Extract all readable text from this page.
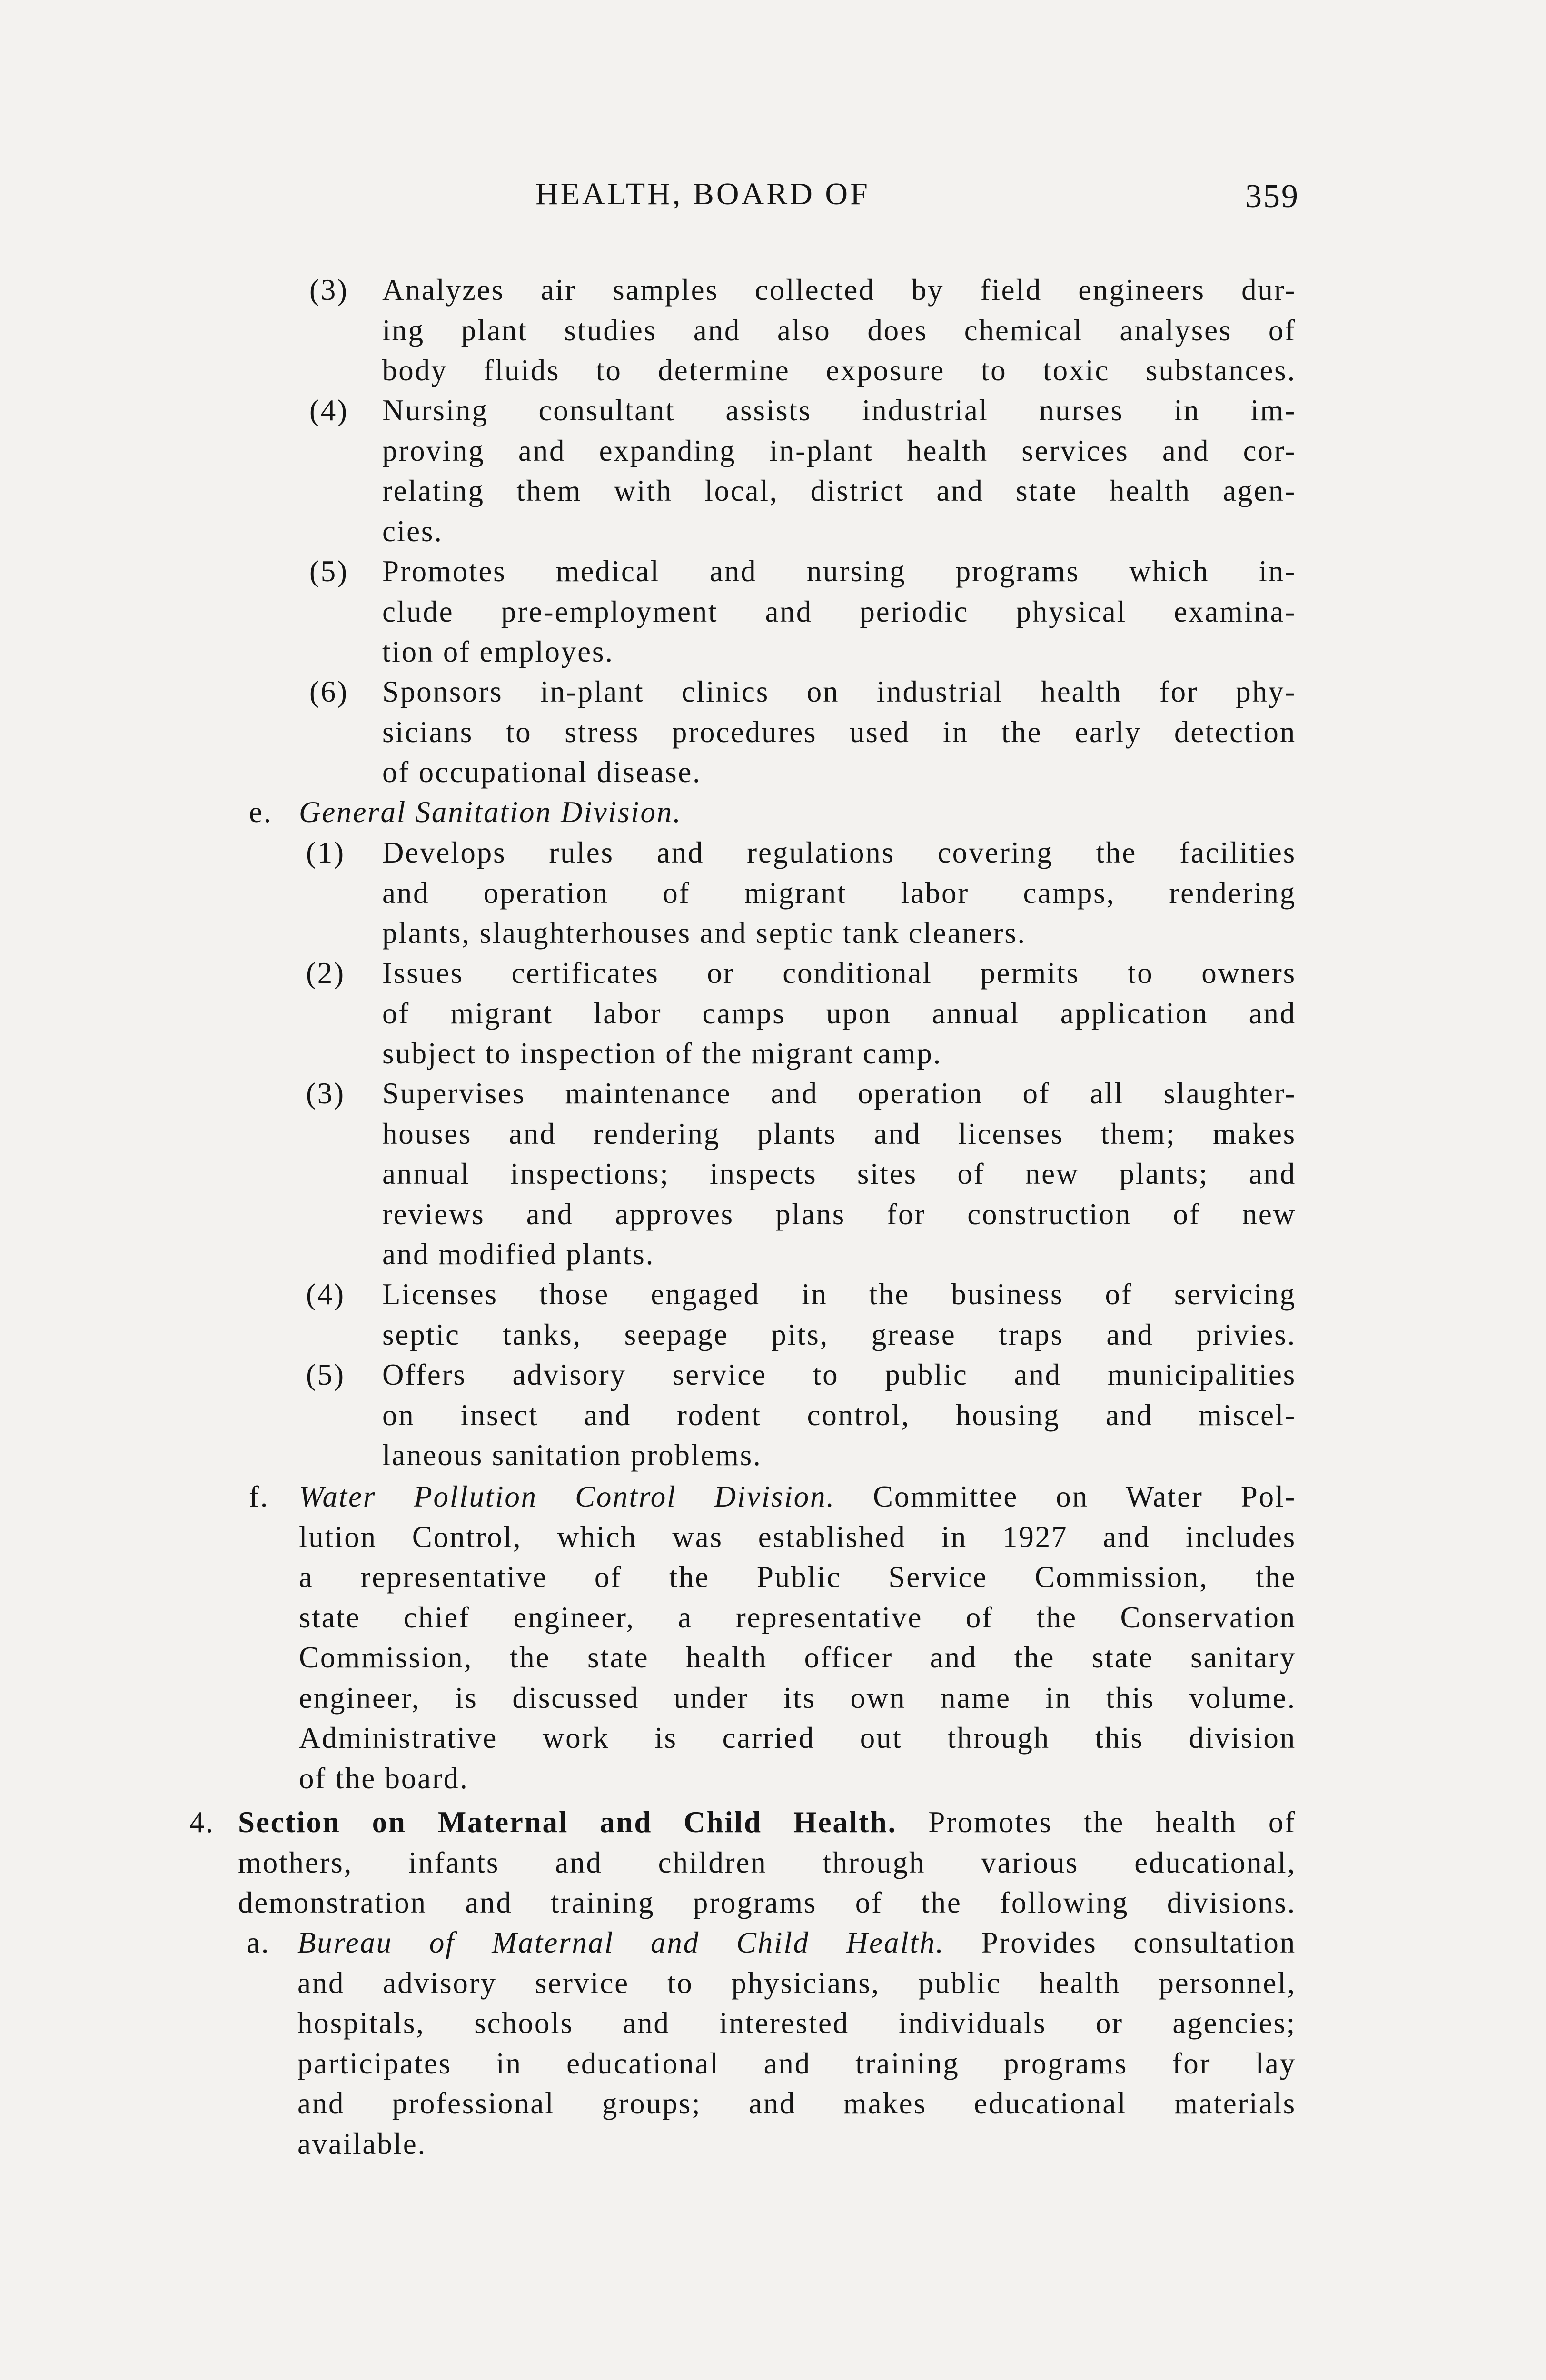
HEALTH, BOARD OF	359
(3) Analyzes air samples collected by field engineers dur-
ing plant studies and also does chemical analyses of
body fluids to determine exposure to toxic substances.
(4) Nursing consultant assists industrial nurses in im-
proving and expanding in-plant health services and cor-
relating them with local, district and state health agen-
cies.
(5) Promotes medical and nursing programs which in-
clude pre-employment and periodic physical examina-
tion of employes.
(6) Sponsors in-plant clinics on industrial health for phy-
sicians to stress procedures used in the early detection
of occupational disease.
e. General Sanitation Division.
(1) Develops rules and regulations covering the facilities
and operation of migrant labor camps, rendering
plants, slaughterhouses and septic tank cleaners.
(2) Issues certificates or conditional permits to owners
of migrant labor camps upon annual application and
subject to inspection of the migrant camp.
(3) Supervises maintenance and operation of all slaughter-
houses and rendering plants and licenses them; makes
annual inspections; inspects sites of new plants; and
reviews and approves plans for construction of new
and modified plants.
(4) Licenses those engaged in the business of servicing
septic tanks, seepage pits, grease traps and privies.
(5) Offers advisory service to public and municipalities
on insect and rodent control, housing and miscel-
laneous sanitation problems.
f. Water Pollution Control Division. Committee on Water Pol-
lution Control, which was established in 1927 and includes
a representative of the Public Service Commission, the
state chief engineer, a representative of the Conservation
Commission, the state health officer and the state sanitary
engineer, is discussed under its own name in this volume.
Administrative work is carried out through this division
of the board.
4. Section on Maternal and Child Health. Promotes the health of
mothers, infants and children through various educational,
demonstration and training programs of the following divisions.
a. Bureau of Maternal and Child Health. Provides consultation
and advisory service to physicians, public health personnel,
hospitals, schools and interested individuals or agencies;
participates in educational and training programs for lay
and professional groups; and makes educational materials
available.
